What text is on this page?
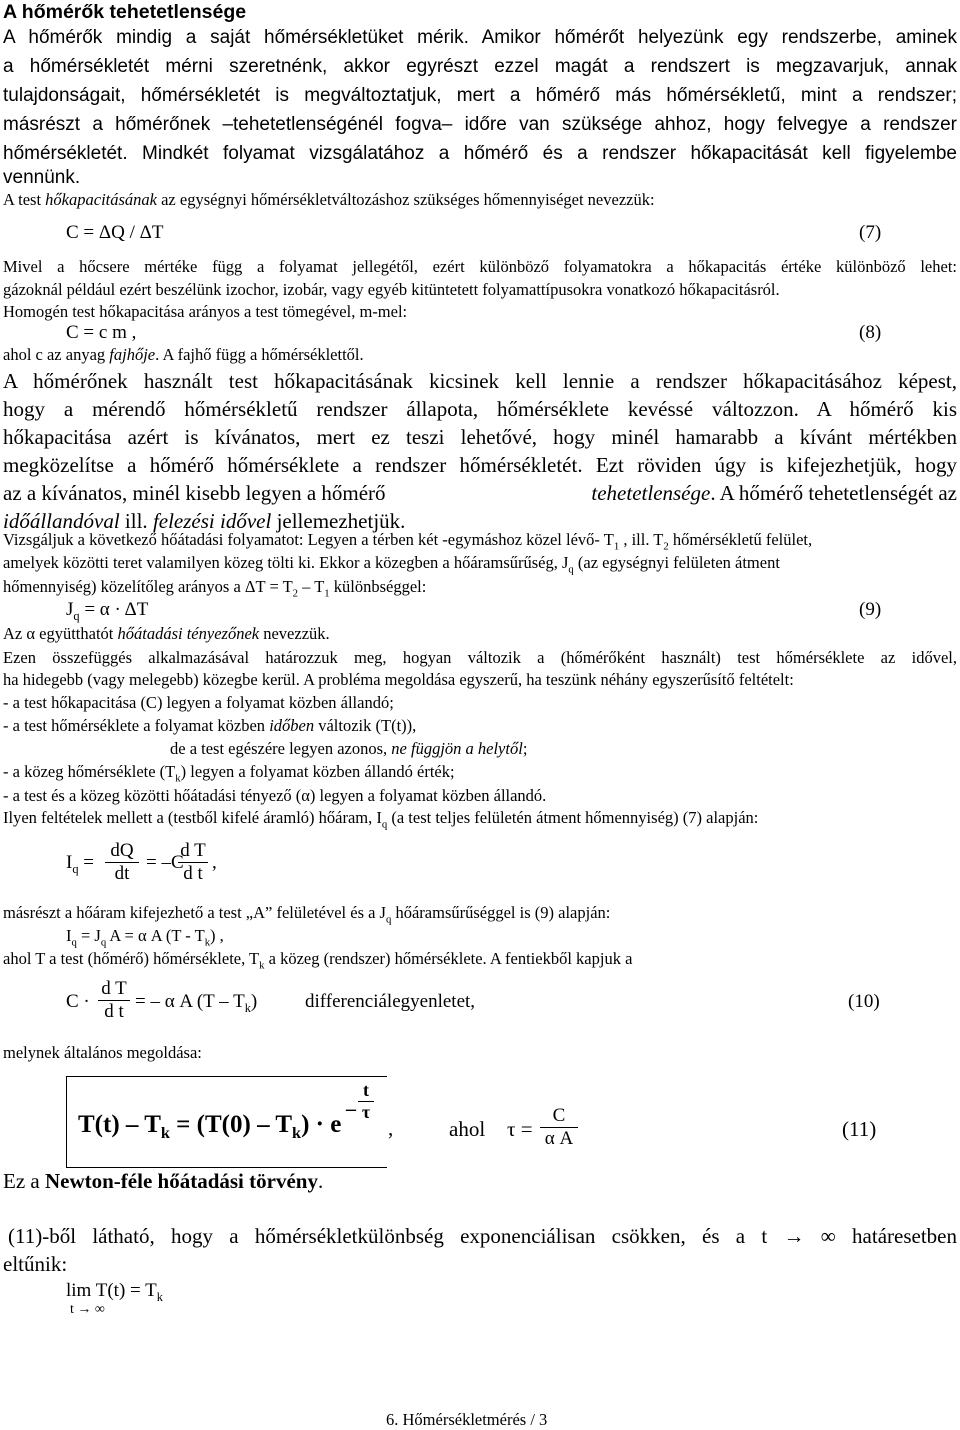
A hőmérők tehetetlensége
A hőmérők mindig a saját hőmérsékletüket mérik. Amikor hőmérőt helyezünk egy rendszerbe, aminek
a hőmérsékletét mérni szeretnénk, akkor egyrészt ezzel magát a rendszert is megzavarjuk, annak
tulajdonságait, hőmérsékletét is megváltoztatjuk, mert a hőmérő más hőmérsékletű, mint a rendszer;
másrészt a hőmérőnek –tehetetlenségénél fogva– időre van szüksége ahhoz, hogy felvegye a rendszer
hőmérsékletét. Mindkét folyamat vizsgálatához a hőmérő és a rendszer hőkapacitását kell figyelembe
vennünk.
A test hőkapacitásának az egységnyi hőmérsékletváltozáshoz szükséges hőmennyiséget nevezzük:
C = ΔQ / ΔT	(7)
Mivel a hőcsere mértéke függ a folyamat jellegétől, ezért különböző folyamatokra a hőkapacitás értéke különböző lehet:
gázoknál például ezért beszélünk izochor, izobár, vagy egyéb kitüntetett folyamattípusokra vonatkozó hőkapacitásról.
Homogén test hőkapacitása arányos a test tömegével, m-mel:
C = c m ,	(8)
ahol c az anyag fajhője. A fajhő függ a hőmérséklettől.
A hőmérőnek használt test hőkapacitásának kicsinek kell lennie a rendszer hőkapacitásához képest,
hogy a mérendő hőmérsékletű rendszer állapota, hőmérséklete kevéssé változzon. A hőmérő kis
hőkapacitása azért is kívánatos, mert ez teszi lehetővé, hogy minél hamarabb a kívánt mértékben
megközelítse a hőmérő hőmérséklete a rendszer hőmérsékletét. Ezt röviden úgy is kifejezhetjük, hogy
az a kívánatos, minél kisebb legyen a hőmérő	tehetetlensége. A hőmérő tehetetlenségét az
időállandóval ill. felezési idővel jellemezhetjük.
Vizsgáljuk a következő hőátadási folyamatot: Legyen a térben két -egymáshoz közel lévő- $T_1$ , ill. $T_2$ hőmérsékletű felület,
amelyek közötti teret valamilyen közeg tölti ki. Ekkor a közegben a hőáramsűrűség, $J_q$ (az egységnyi felületen átment
hőmennyiség) közelítőleg arányos a $\Delta T = T_2 - T_1$ különbséggel:
$J_q = \alpha \cdot \Delta T$	(9)
Az α együtthatót hőátadási tényezőnek nevezzük.
Ezen összefüggés alkalmazásával határozzuk meg, hogyan változik a (hőmérőként használt) test hőmérséklete az idővel,
ha hidegebb (vagy melegebb) közegbe kerül. A probléma megoldása egyszerű, ha teszünk néhány egyszerűsítő feltételt:
- a test hőkapacitása (C) legyen a folyamat közben állandó;
- a test hőmérséklete a folyamat közben időben változik (T(t)),
de a test egészére legyen azonos, ne függjön a helytől;
- a közeg hőmérséklete $(T_k)$ legyen a folyamat közben állandó érték;
- a test és a közeg közötti hőátadási tényező (α) legyen a folyamat közben állandó.
Ilyen feltételek mellett a (testből kifelé áramló) hőáram, $I_q$ (a test teljes felületén átment hőmennyiség) (7) alapján:
$I_q = \frac{dQ}{dt} = -C$
$\frac{\text{d T}}{\text{d t}}$ ,
másrészt a hőáram kifejezhető a test „A” felületével és a $J_q$ hőáramsűrűséggel is (9) alapján:
$I_q = J_q$ A = α A $(T - T_k)$ ,
ahol T a test (hőmérő) hőmérséklete, $T_k$ a közeg (rendszer) hőmérséklete. A fentiekből kapjuk a
$C \cdot \frac{\text{d T}}{\text{d t}}$ = – α A $(T - T_k)$	differenciálegyenletet,	(10)
melynek általános megoldása:
$T(t) - T_k = (T(0) - T_k) \cdot e$
– $\frac{t}{\tau}$
,	ahol $\tau = \frac{C}{\text{α A}}$	(11)
Ez a Newton-féle hőátadási törvény.
(11)-ből látható, hogy a hőmérsékletkülönbség exponenciálisan csökken, és a t → ∞ határesetben
eltűnik:
$\lim T(t) = T_k$
t → ∞
6. Hőmérsékletmérés / 3
